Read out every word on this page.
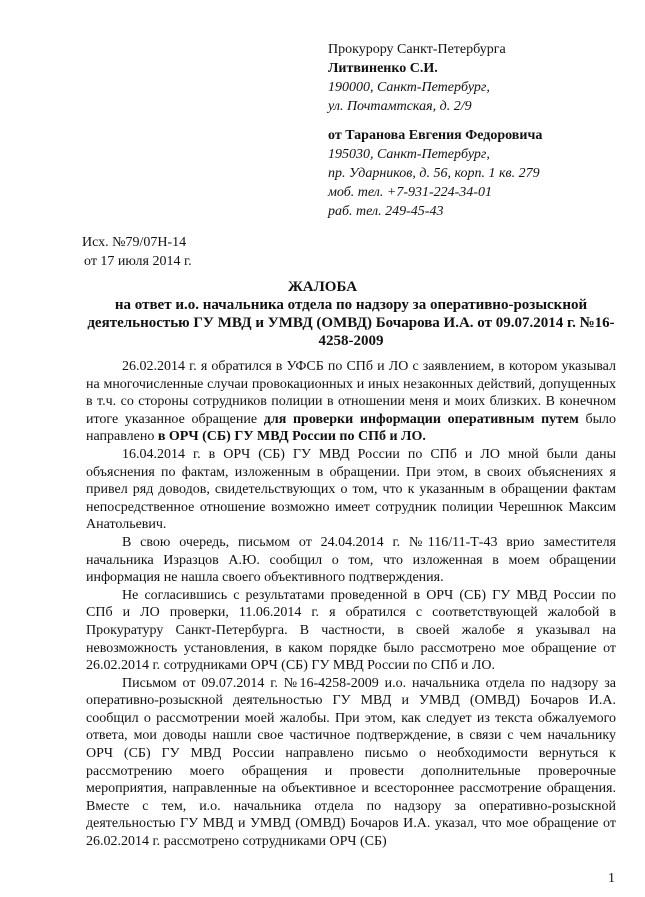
Прокурору Санкт-Петербурга
Литвиненко С.И.
190000, Санкт-Петербург,
ул. Почтамтская, д. 2/9
от Таранова Евгения Федоровича
195030, Санкт-Петербург,
пр. Ударников, д. 56, корп. 1 кв. 279
моб. тел. +7-931-224-34-01
раб. тел. 249-45-43
Исх. №79/07Н-14
от 17 июля 2014 г.
ЖАЛОБА
на ответ и.о. начальника отдела по надзору за оперативно-розыскной деятельностью ГУ МВД и УМВД (ОМВД) Бочарова И.А. от 09.07.2014 г. №16-4258-2009

26.02.2014 г. я обратился в УФСБ по СПб и ЛО с заявлением, в котором указывал на многочисленные случаи провокационных и иных незаконных действий, допущенных в т.ч. со стороны сотрудников полиции в отношении меня и моих близких. В конечном итоге указанное обращение для проверки информации оперативным путем было направлено в ОРЧ (СБ) ГУ МВД России по СПб и ЛО.

16.04.2014 г. в ОРЧ (СБ) ГУ МВД России по СПб и ЛО мной были даны объяснения по фактам, изложенным в обращении. При этом, в своих объяснениях я привел ряд доводов, свидетельствующих о том, что к указанным в обращении фактам непосредственное отношение возможно имеет сотрудник полиции Черешнюк Максим Анатольевич.

В свою очередь, письмом от 24.04.2014 г. №116/11-Т-43 врио заместителя начальника Изразцов А.Ю. сообщил о том, что изложенная в моем обращении информация не нашла своего объективного подтверждения.

Не согласившись с результатами проведенной в ОРЧ (СБ) ГУ МВД России по СПб и ЛО проверки, 11.06.2014 г. я обратился с соответствующей жалобой в Прокуратуру Санкт-Петербурга. В частности, в своей жалобе я указывал на невозможность установления, в каком порядке было рассмотрено мое обращение от 26.02.2014 г. сотрудниками ОРЧ (СБ) ГУ МВД России по СПб и ЛО.

Письмом от 09.07.2014 г. №16-4258-2009 и.о. начальника отдела по надзору за оперативно-розыскной деятельностью ГУ МВД и УМВД (ОМВД) Бочаров И.А. сообщил о рассмотрении моей жалобы. При этом, как следует из текста обжалуемого ответа, мои доводы нашли свое частичное подтверждение, в связи с чем начальнику ОРЧ (СБ) ГУ МВД России направлено письмо о необходимости вернуться к рассмотрению моего обращения и провести дополнительные проверочные мероприятия, направленные на объективное и всестороннее рассмотрение обращения. Вместе с тем, и.о. начальника отдела по надзору за оперативно-розыскной деятельностью ГУ МВД и УМВД (ОМВД) Бочаров И.А. указал, что мое обращение от 26.02.2014 г. рассмотрено сотрудниками ОРЧ (СБ)

1
